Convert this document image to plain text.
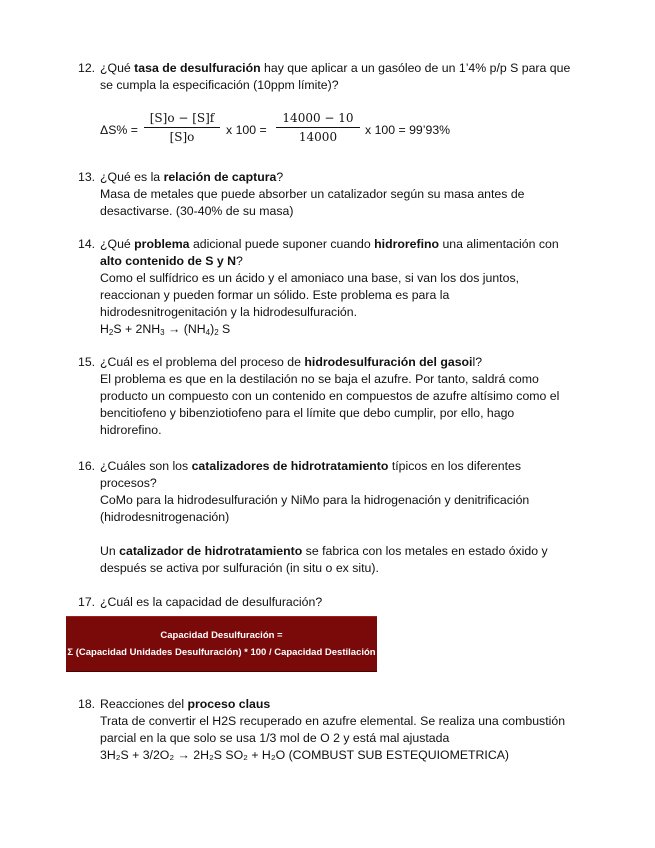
12. ¿Qué tasa de desulfuración hay que aplicar a un gasóleo de un 1’4% p/p S para que
se cumpla la especificación (10ppm límite)?
ΔS% =
[S]o − [S]f
[S]o	x 100 =
14000 − 10
14000	x 100 = 99’93%
13. ¿Qué es la relación de captura?
Masa de metales que puede absorber un catalizador según su masa antes de
desactivarse. (30-40% de su masa)
14. ¿Qué problema adicional puede suponer cuando hidrorefino una alimentación con
alto contenido de S y N?
Como el sulfídrico es un ácido y el amoniaco una base, si van los dos juntos,
reaccionan y pueden formar un sólido. Este problema es para la
hidrodesnitrogenitación y la hidrodesulfuración.
$H_2S + 2NH_3 \to (NH_4)_2$ S
15. ¿Cuál es el problema del proceso de hidrodesulfuración del gasoil?
El problema es que en la destilación no se baja el azufre. Por tanto, saldrá como
producto un compuesto con un contenido en compuestos de azufre altísimo como el
bencitiofeno y bibenziotiofeno para el límite que debo cumplir, por ello, hago
hidrorefino.
16. ¿Cuáles son los catalizadores de hidrotratamiento típicos en los diferentes
procesos?
CoMo para la hidrodesulfuración y NiMo para la hidrogenación y denitrificación
(hidrodesnitrogenación)

Un catalizador de hidrotratamiento se fabrica con los metales en estado óxido y
después se activa por sulfuración (in situ o ex situ).
17. ¿Cuál es la capacidad de desulfuración?
Capacidad Desulfuración =
Σ (Capacidad Unidades Desulfuración) * 100 / Capacidad Destilación
18. Reacciones del proceso claus
Trata de convertir el H2S recuperado en azufre elemental. Se realiza una combustión
parcial en la que solo se usa 1/3 mol de O 2 y está mal ajustada
3H₂S + 3/2O₂ → 2H₂S SO₂ + H₂O (COMBUST SUB ESTEQUIOMETRICA)
